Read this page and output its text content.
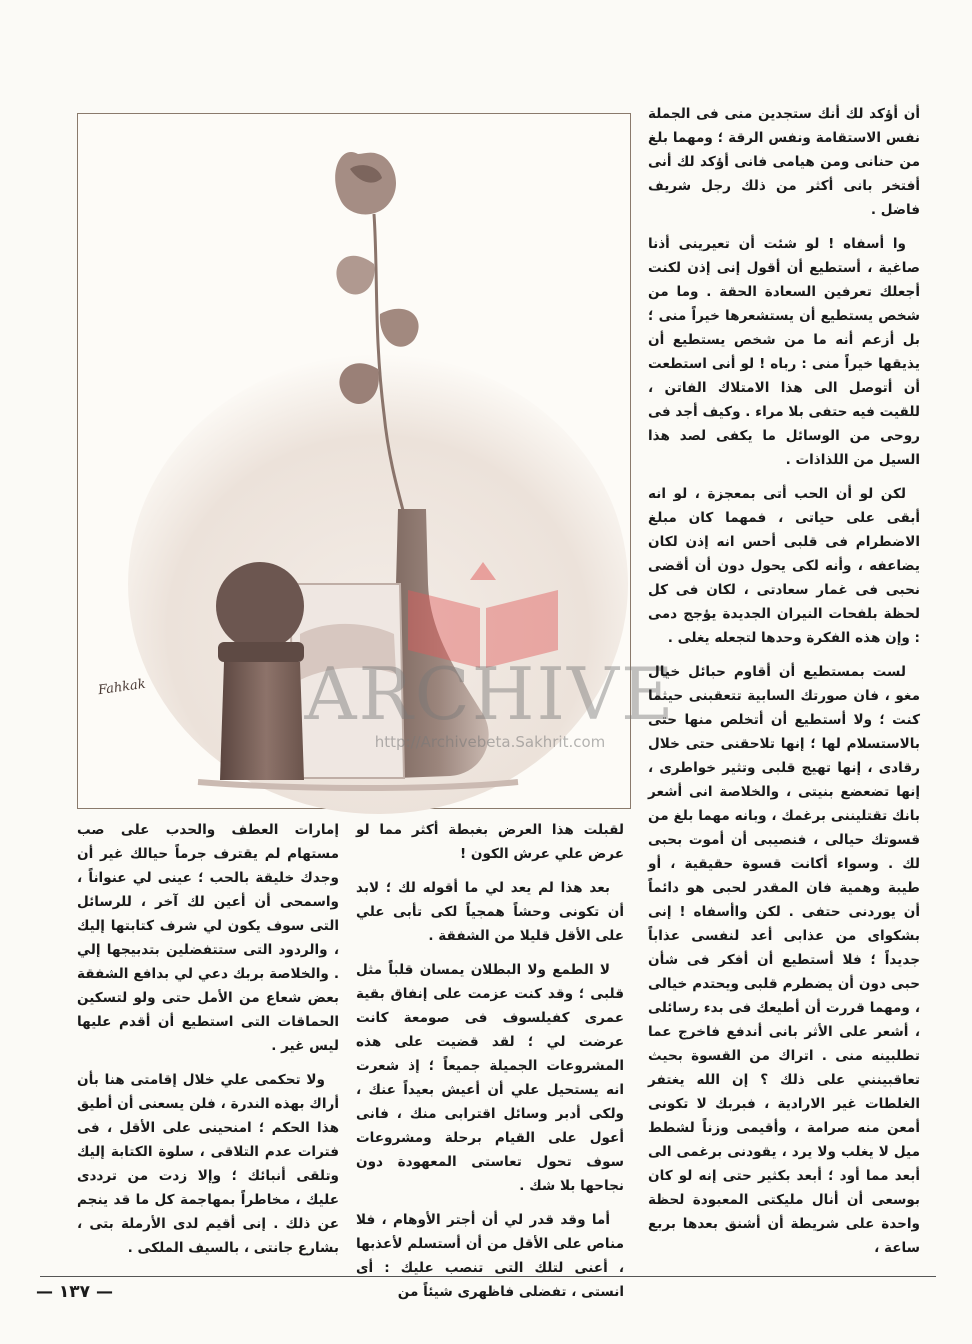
Fahkak ARCHIVE
http://Archivebeta.Sakhrit.com

أن أؤكد لك أنك ستجدين منى فى الجملة نفس الاستقامة ونفس الرقة ؛ ومهما بلغ من حنانى ومن هيامى فانى أؤكد لك أنى أفتخر بانى أكثر من ذلك رجل شريف فاضل .

وا أسفاه ! لو شئت أن تعيرينى أذنا صاغية ، أستطيع أن أقول إنى إذن لكنت أجعلك تعرفين السعادة الحقة . وما من شخص يستطيع أن يستشعرها خيراً منى ؛ بل أزعم أنه ما من شخص يستطيع أن يذيقها خيراً منى : رباه ! لو أنى استطعت أن أتوصل الى هذا الامتلاك الفاتن ، للقيت فيه حتفى بلا مراء . وكيف أجد فى روحى من الوسائل ما يكفى لصد هذا السيل من اللذاذات .

لكن لو أن الحب أتى بمعجزة ، لو انه أبقى على حياتى ، فمهما كان مبلغ الاضطرام فى قلبى أحس انه إذن لكان يضاعفه ، وأنه لكى يحول دون أن أقضى نحبى فى غمار سعادتى ، لكان فى كل لحظة بلفحات النيران الجديدة يؤجج دمى : وإن هذه الفكرة وحدها لتجعله يغلى .

لست بمستطيع أن أقاوم حبائل خيال مغو ، فان صورتك السابية تتعقبنى حيثما كنت ؛ ولا أستطيع أن أتخلص منها حتى بالاستسلام لها ؛ إنها تلاحقنى حتى خلال رقادى ، إنها تهيج قلبى وتثير خواطرى ، إنها تضعضع بنيتى ، والخلاصة انى أشعر بانك تقتليننى برغمك ، وبانه مهما بلغ من قسوتك حيالى ، فنصيبى أن أموت بحبى لك . وسواء أكانت قسوة حقيقية ، أو طيبة وهمية فان المقدر لحبى هو دائماً أن يوردنى حتفى . لكن واأسفاه ! إنى بشكواى من عذابى أعد لنفسى عذاباً جديداً ؛ فلا أستطيع أن أفكر فى شأن حبى دون أن يضطرم قلبى ويحتدم خيالى ، ومهما قررت أن أطيعك فى بدء رسائلى ، أشعر على الأثر بانى أندفع فاخرج عما تطلبينه منى . اتراك من القسوة بحيث تعاقبينني على ذلك ؟ إن الله يغتفر الغلطات غير الارادية ، فبربك لا تكونى أمعن منه صرامة ، وأقيمى وزناً لشطط ميل لا يغلب ولا يرد ، يقودنى برغمى الى أبعد مما أود ؛ أبعد بكثير حتى إنه لو كان بوسعى أن أنال مليكتى المعبودة لحظة واحدة على شريطة أن أشنق بعدها بربع ساعة ،

لقبلت هذا العرض بغبطة أكثر مما لو عرض علي عرش الكون !

بعد هذا لم يعد لي ما أقوله لك ؛ لابد أن تكونى وحشاً همجياً لكى تأبى علي على الأقل قليلا من الشفقة .

لا الطمع ولا البطلان يمسان قلباً مثل قلبى ؛ وقد كنت عزمت على إنفاق بقية عمرى كفيلسوف فى صومعة كانت عرضت لي ؛ لقد قضيت على هذه المشروعات الجميلة جميعاً ؛ إذ شعرت انه يستحيل علي أن أعيش بعيداً عنك ، ولكى أدبر وسائل اقترابى منك ، فانى أعول على القيام برحلة ومشروعات سوف تحول تعاستى المعهودة دون نجاحها بلا شك .

أما وقد قدر لي أن أجتر الأوهام ، فلا مناص على الأقل من أن أستسلم لأعذبها ، أعنى لتلك التى تنصب عليك : أى انستى ، تفضلى فاظهرى شيئاً من

إمارات العطف والحدب على صب مستهام لم يقترف جرماً حيالك غير أن وجدك خليقة بالحب ؛ عينى لي عنواناً ، واسمحى أن أعين لك آخر ، للرسائل التى سوف يكون لي شرف كتابتها إليك ، والردود التى ستتفضلين بتدبيجها إلي . والخلاصة بربك دعي لي بدافع الشفقة بعض شعاع من الأمل حتى ولو لتسكين الحماقات التى استطيع أن أقدم عليها ليس غير .

ولا تحكمى علي خلال إقامتى هنا بأن أراك بهذه الندرة ، فلن يسعنى أن أطيق هذا الحكم ؛ امنحينى على الأقل ، فى فترات عدم التلاقى ، سلوة الكتابة إليك وتلقى أنبائك ؛ وإلا زدت من ترددى عليك ، مخاطراً بمهاجمة كل ما قد ينجم عن ذلك . إنى أقيم لدى الأرملة بتى ، بشارع جانتى ، بالسيف الملكى .

— ١٣٧ —
